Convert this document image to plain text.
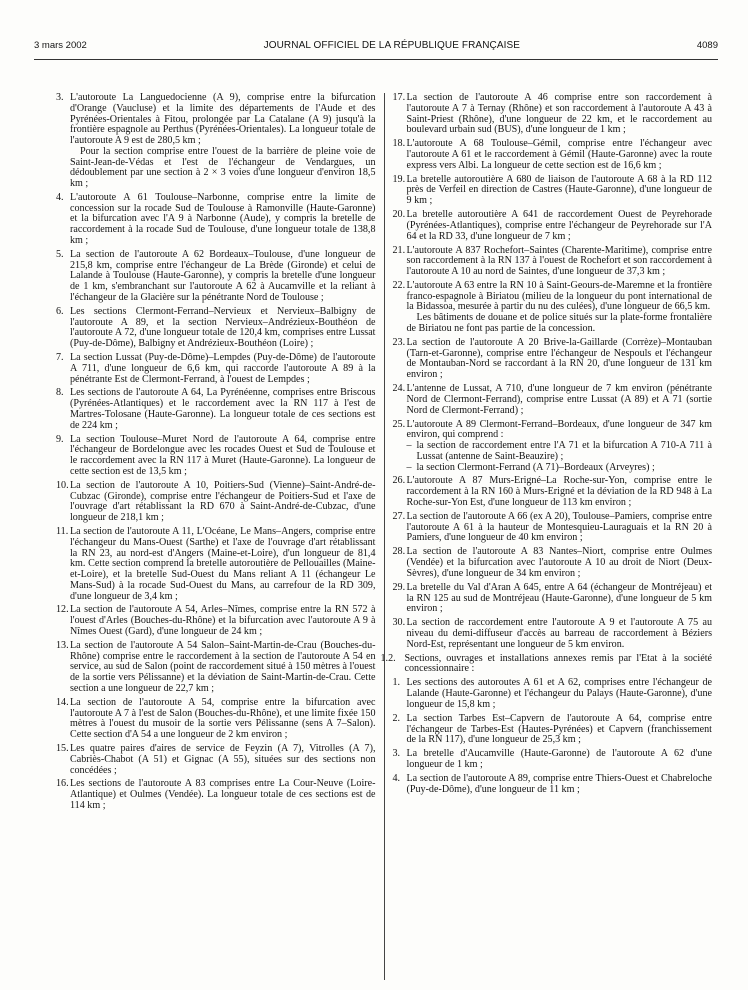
3 mars 2002	JOURNAL OFFICIEL DE LA RÉPUBLIQUE FRANÇAISE	4089
3. L'autoroute La Languedocienne (A 9), comprise entre la bifurcation d'Orange (Vaucluse) et la limite des départements de l'Aude et des Pyrénées-Orientales à Fitou, prolongée par La Catalane (A 9) jusqu'à la frontière espagnole au Perthus (Pyrénées-Orientales). La longueur totale de l'autoroute A 9 est de 280,5 km ;

Pour la section comprise entre l'ouest de la barrière de pleine voie de Saint-Jean-de-Védas et l'est de l'échangeur de Vendargues, un dédoublement par une section à 2 × 3 voies d'une longueur d'environ 18,5 km ;

4. L'autoroute A 61 Toulouse–Narbonne, comprise entre la limite de concession sur la rocade Sud de Toulouse à Ramonville (Haute-Garonne) et la bifurcation avec l'A 9 à Narbonne (Aude), y compris la bretelle de raccordement à la rocade Sud de Toulouse, d'une longueur totale de 138,8 km ;

5. La section de l'autoroute A 62 Bordeaux–Toulouse, d'une longueur de 215,8 km, comprise entre l'échangeur de La Brède (Gironde) et celui de Lalande à Toulouse (Haute-Garonne), y compris la bretelle d'une longueur de 1 km, s'embranchant sur l'autoroute A 62 à Aucamville et la reliant à l'échangeur de la Glacière sur la pénétrante Nord de Toulouse ;

6. Les sections Clermont-Ferrand–Nervieux et Nervieux–Balbigny de l'autoroute A 89, et la section Nervieux–Andrézieux-Bouthéon de l'autoroute A 72, d'une longueur totale de 120,4 km, comprises entre Lussat (Puy-de-Dôme), Balbigny et Andrézieux-Bouthéon (Loire) ;

7. La section Lussat (Puy-de-Dôme)–Lempdes (Puy-de-Dôme) de l'autoroute A 711, d'une longueur de 6,6 km, qui raccorde l'autoroute A 89 à la pénétrante Est de Clermont-Ferrand, à l'ouest de Lempdes ;

8. Les sections de l'autoroute A 64, La Pyrénéenne, comprises entre Briscous (Pyrénées-Atlantiques) et le raccordement avec la RN 117 à l'est de Martres-Tolosane (Haute-Garonne). La longueur totale de ces sections est de 224 km ;

9. La section Toulouse–Muret Nord de l'autoroute A 64, comprise entre l'échangeur de Bordelongue avec les rocades Ouest et Sud de Toulouse et le raccordement avec la RN 117 à Muret (Haute-Garonne). La longueur de cette section est de 13,5 km ;

10. La section de l'autoroute A 10, Poitiers-Sud (Vienne)–Saint-André-de-Cubzac (Gironde), comprise entre l'échangeur de Poitiers-Sud et l'axe de l'ouvrage d'art rétablissant la RD 670 à Saint-André-de-Cubzac, d'une longueur de 218,1 km ;

11. La section de l'autoroute A 11, L'Océane, Le Mans–Angers, comprise entre l'échangeur du Mans-Ouest (Sarthe) et l'axe de l'ouvrage d'art rétablissant la RN 23, au nord-est d'Angers (Maine-et-Loire), d'un longueur de 81,4 km. Cette section comprend la bretelle autoroutière de Pellouailles (Maine-et-Loire), et la bretelle Sud-Ouest du Mans reliant A 11 (échangeur Le Mans-Sud) à la rocade Sud-Ouest du Mans, au carrefour de la RD 309, d'une longueur de 3,4 km ;

12. La section de l'autoroute A 54, Arles–Nîmes, comprise entre la RN 572 à l'ouest d'Arles (Bouches-du-Rhône) et la bifurcation avec l'autoroute A 9 à Nîmes Ouest (Gard), d'une longueur de 24 km ;

13. La section de l'autoroute A 54 Salon–Saint-Martin-de-Crau (Bouches-du-Rhône) comprise entre le raccordement à la section de l'autoroute A 54 en service, au sud de Salon (point de raccordement situé à 150 mètres à l'ouest de la sortie vers Pélissanne) et la déviation de Saint-Martin-de-Crau. Cette section a une longueur de 22,7 km ;

14. La section de l'autoroute A 54, comprise entre la bifurcation avec l'autoroute A 7 à l'est de Salon (Bouches-du-Rhône), et une limite fixée 150 mètres à l'ouest du musoir de la sortie vers Pélissanne (sens A 7–Salon). Cette section d'A 54 a une longueur de 2 km environ ;

15. Les quatre paires d'aires de service de Feyzin (A 7), Vitrolles (A 7), Cabriès-Chabot (A 51) et Gignac (A 55), situées sur des sections non concédées ;

16. Les sections de l'autoroute A 83 comprises entre La Cour-Neuve (Loire-Atlantique) et Oulmes (Vendée). La longueur totale de ces sections est de 114 km ;

17. La section de l'autoroute A 46 comprise entre son raccordement à l'autoroute A 7 à Ternay (Rhône) et son raccordement à l'autoroute A 43 à Saint-Priest (Rhône), d'une longueur de 22 km, et le raccordement au boulevard urbain sud (BUS), d'une longueur de 1 km ;

18. L'autoroute A 68 Toulouse–Gémil, comprise entre l'échangeur avec l'autoroute A 61 et le raccordement à Gémil (Haute-Garonne) avec la route express vers Albi. La longueur de cette section est de 16,6 km ;

19. La bretelle autoroutière A 680 de liaison de l'autoroute A 68 à la RD 112 près de Verfeil en direction de Castres (Haute-Garonne), d'une longueur de 9 km ;

20. La bretelle autoroutière A 641 de raccordement Ouest de Peyrehorade (Pyrénées-Atlantiques), comprise entre l'échangeur de Peyrehorade sur l'A 64 et la RD 33, d'une longueur de 7 km ;

21. L'autoroute A 837 Rochefort–Saintes (Charente-Maritime), comprise entre son raccordement à la RN 137 à l'ouest de Rochefort et son raccordement à l'autoroute A 10 au nord de Saintes, d'une longueur de 37,3 km ;

22. L'autoroute A 63 entre la RN 10 à Saint-Geours-de-Maremne et la frontière franco-espagnole à Biriatou (milieu de la longueur du pont international de la Bidassoa, mesurée à partir du nu des culées), d'une longueur de 66,5 km.

Les bâtiments de douane et de police situés sur la plate-forme frontalière de Biriatou ne font pas partie de la concession.

23. La section de l'autoroute A 20 Brive-la-Gaillarde (Corrèze)–Montauban (Tarn-et-Garonne), comprise entre l'échangeur de Nespouls et l'échangeur de Montauban-Nord se raccordant à la RN 20, d'une longueur de 131 km environ ;

24. L'antenne de Lussat, A 710, d'une longueur de 7 km environ (pénétrante Nord de Clermont-Ferrand), comprise entre Lussat (A 89) et A 71 (sortie Nord de Clermont-Ferrand) ;

25. L'autoroute A 89 Clermont-Ferrand–Bordeaux, d'une longueur de 347 km environ, qui comprend :

– la section de raccordement entre l'A 71 et la bifurcation A 710-A 711 à Lussat (antenne de Saint-Beauzire) ;
– la section Clermont-Ferrand (A 71)–Bordeaux (Arveyres) ;
26. L'autoroute A 87 Murs-Erigné–La Roche-sur-Yon, comprise entre le raccordement à la RN 160 à Murs-Erigné et la déviation de la RD 948 à La Roche-sur-Yon Est, d'une longueur de 113 km environ ;

27. La section de l'autoroute A 66 (ex A 20), Toulouse–Pamiers, comprise entre l'autoroute A 61 à la hauteur de Montesquieu-Lauraguais et la RN 20 à Pamiers, d'une longueur de 40 km environ ;

28. La section de l'autoroute A 83 Nantes–Niort, comprise entre Oulmes (Vendée) et la bifurcation avec l'autoroute A 10 au droit de Niort (Deux-Sèvres), d'une longueur de 34 km environ ;

29. La bretelle du Val d'Aran A 645, entre A 64 (échangeur de Montréjeau) et la RN 125 au sud de Montréjeau (Haute-Garonne), d'une longueur de 5 km environ ;

30. La section de raccordement entre l'autoroute A 9 et l'autoroute A 75 au niveau du demi-diffuseur d'accès au barreau de raccordement à Béziers Nord-Est, représentant une longueur de 5 km environ.

1.2. Sections, ouvrages et installations annexes remis par l'Etat à la société concessionnaire :
1. Les sections des autoroutes A 61 et A 62, comprises entre l'échangeur de Lalande (Haute-Garonne) et l'échangeur du Palays (Haute-Garonne), d'une longueur de 15,8 km ;

2. La section Tarbes Est–Capvern de l'autoroute A 64, comprise entre l'échangeur de Tarbes-Est (Hautes-Pyrénées) et Capvern (franchissement de la RN 117), d'une longueur de 25,3 km ;

3. La bretelle d'Aucamville (Haute-Garonne) de l'autoroute A 62 d'une longueur de 1 km ;

4. La section de l'autoroute A 89, comprise entre Thiers-Ouest et Chabreloche (Puy-de-Dôme), d'une longueur de 11 km ;
